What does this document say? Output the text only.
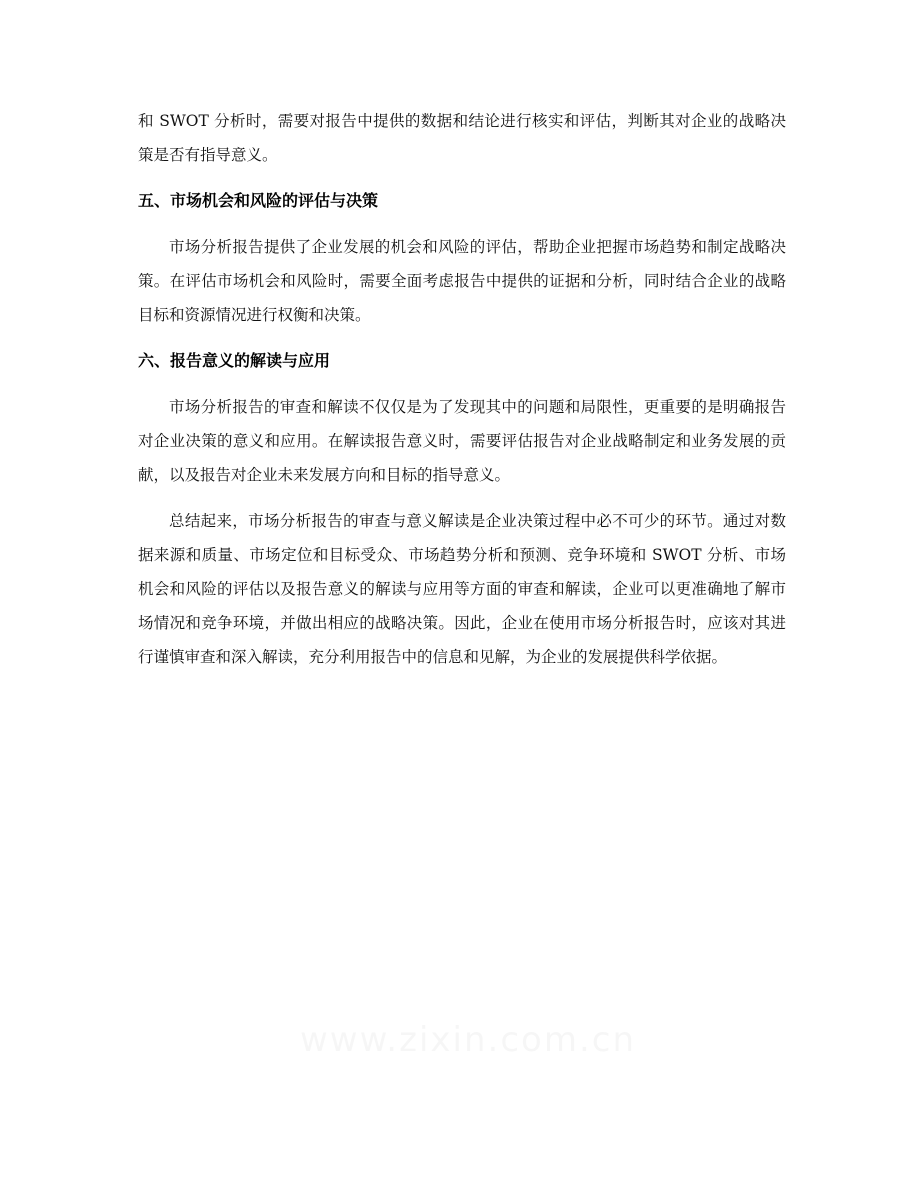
和 SWOT 分析时，需要对报告中提供的数据和结论进行核实和评估，判断其对企业的战略决策是否有指导意义。

五、市场机会和风险的评估与决策

市场分析报告提供了企业发展的机会和风险的评估，帮助企业把握市场趋势和制定战略决策。在评估市场机会和风险时，需要全面考虑报告中提供的证据和分析，同时结合企业的战略目标和资源情况进行权衡和决策。

六、报告意义的解读与应用

市场分析报告的审查和解读不仅仅是为了发现其中的问题和局限性，更重要的是明确报告对企业决策的意义和应用。在解读报告意义时，需要评估报告对企业战略制定和业务发展的贡献，以及报告对企业未来发展方向和目标的指导意义。

总结起来，市场分析报告的审查与意义解读是企业决策过程中必不可少的环节。通过对数据来源和质量、市场定位和目标受众、市场趋势分析和预测、竞争环境和 SWOT 分析、市场机会和风险的评估以及报告意义的解读与应用等方面的审查和解读，企业可以更准确地了解市场情况和竞争环境，并做出相应的战略决策。因此，企业在使用市场分析报告时，应该对其进行谨慎审查和深入解读，充分利用报告中的信息和见解，为企业的发展提供科学依据。
